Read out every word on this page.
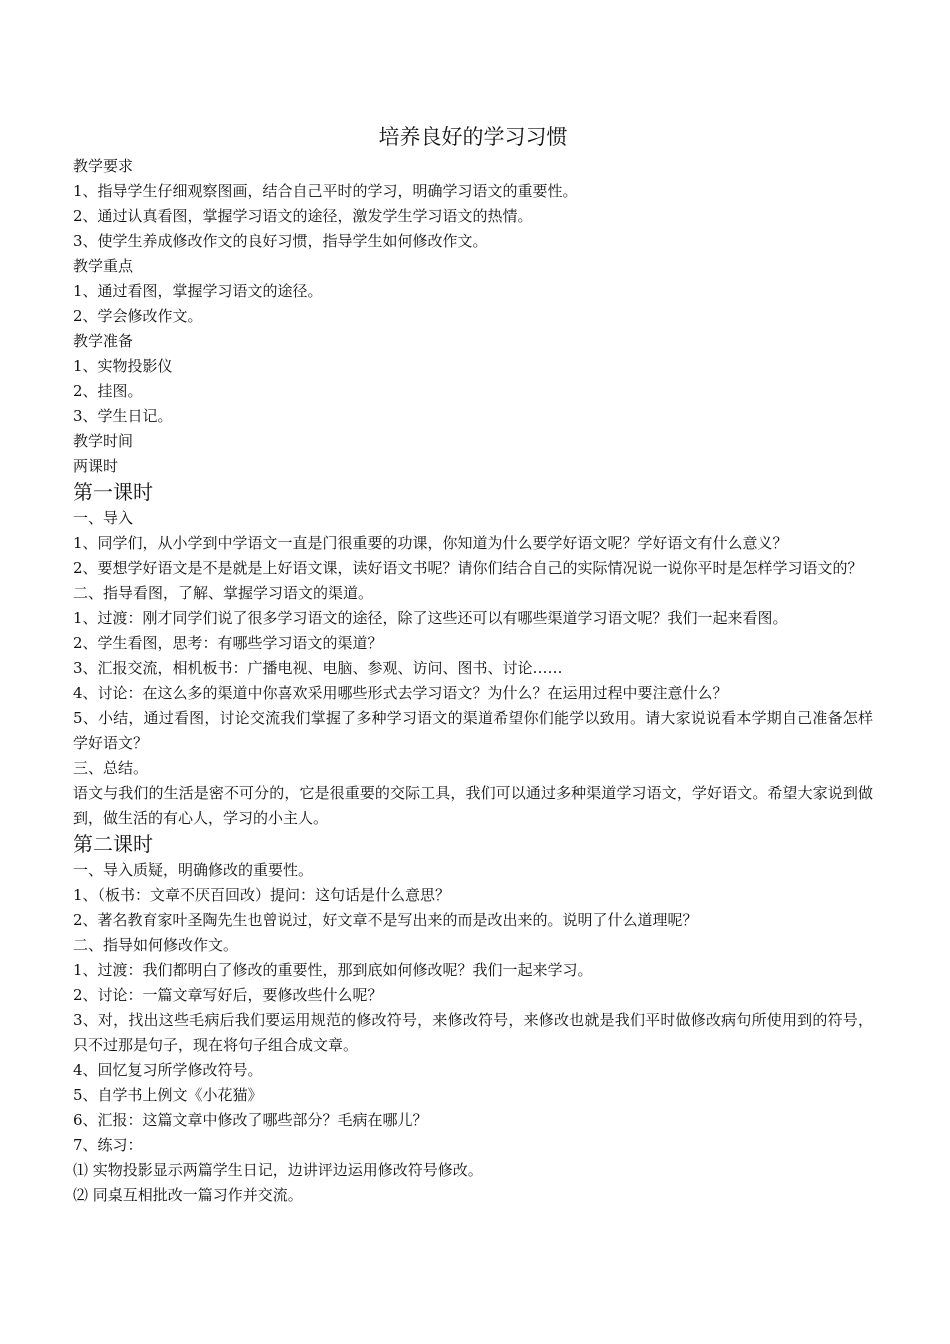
培养良好的学习习惯

教学要求

1、指导学生仔细观察图画，结合自己平时的学习，明确学习语文的重要性。

2、通过认真看图，掌握学习语文的途径，激发学生学习语文的热情。

3、使学生养成修改作文的良好习惯，指导学生如何修改作文。

教学重点

1、通过看图，掌握学习语文的途径。

2、学会修改作文。

教学准备

1、实物投影仪

2、挂图。

3、学生日记。

教学时间

两课时

第一课时

一、导入

1、同学们，从小学到中学语文一直是门很重要的功课，你知道为什么要学好语文呢？学好语文有什么意义？

2、要想学好语文是不是就是上好语文课，读好语文书呢？请你们结合自己的实际情况说一说你平时是怎样学习语文的？

二、指导看图，了解、掌握学习语文的渠道。

1、过渡：刚才同学们说了很多学习语文的途径，除了这些还可以有哪些渠道学习语文呢？我们一起来看图。

2、学生看图，思考：有哪些学习语文的渠道？

3、汇报交流，相机板书：广播电视、电脑、参观、访问、图书、讨论……

4、讨论：在这么多的渠道中你喜欢采用哪些形式去学习语文？为什么？在运用过程中要注意什么？

5、小结，通过看图，讨论交流我们掌握了多种学习语文的渠道希望你们能学以致用。请大家说说看本学期自己准备怎样学好语文？

三、总结。

语文与我们的生活是密不可分的，它是很重要的交际工具，我们可以通过多种渠道学习语文，学好语文。希望大家说到做到，做生活的有心人，学习的小主人。

第二课时

一、导入质疑，明确修改的重要性。

1、（板书：文章不厌百回改）提问：这句话是什么意思？

2、著名教育家叶圣陶先生也曾说过，好文章不是写出来的而是改出来的。说明了什么道理呢？

二、指导如何修改作文。

1、过渡：我们都明白了修改的重要性，那到底如何修改呢？我们一起来学习。

2、讨论：一篇文章写好后，要修改些什么呢？

3、对，找出这些毛病后我们要运用规范的修改符号，来修改符号，来修改也就是我们平时做修改病句所使用到的符号，只不过那是句子，现在将句子组合成文章。

4、回忆复习所学修改符号。

5、自学书上例文《小花猫》

6、汇报：这篇文章中修改了哪些部分？毛病在哪儿？

7、练习：

⑴ 实物投影显示两篇学生日记，边讲评边运用修改符号修改。

⑵ 同桌互相批改一篇习作并交流。
